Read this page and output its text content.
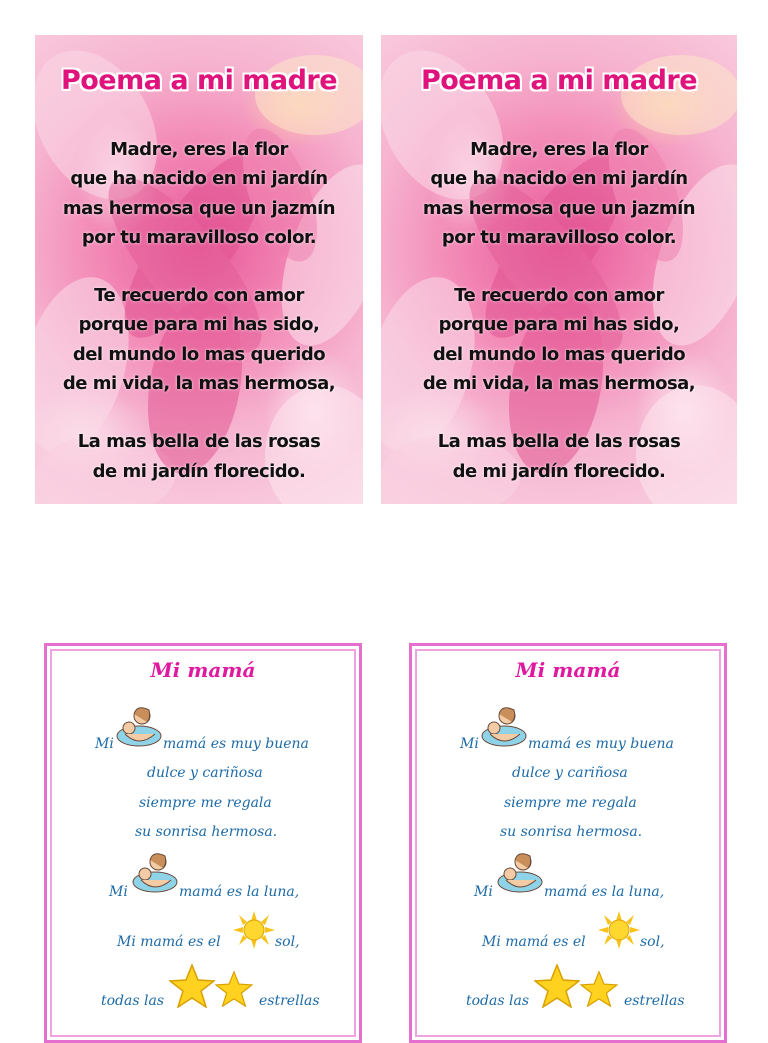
Poema a mi madre
Madre, eres la flor
que ha nacido en mi jardín
mas hermosa que un jazmín
por tu maravilloso color.
Te recuerdo con amor
porque para mi has sido,
del mundo lo mas querido
de mi vida, la mas hermosa,
La mas bella de las rosas
de mi jardín florecido.
Poema a mi madre
Madre, eres la flor
que ha nacido en mi jardín
mas hermosa que un jazmín
por tu maravilloso color.
Te recuerdo con amor
porque para mi has sido,
del mundo lo mas querido
de mi vida, la mas hermosa,
La mas bella de las rosas
de mi jardín florecido.
Mi mamá
Mi	mamá es muy buena
dulce y cariñosa
siempre me regala
su sonrisa hermosa.
Mi	mamá es la luna,
Mi mamá es el	sol,
todas las	estrellas
Mi mamá
Mi	mamá es muy buena
dulce y cariñosa
siempre me regala
su sonrisa hermosa.
Mi	mamá es la luna,
Mi mamá es el	sol,
todas las	estrellas
